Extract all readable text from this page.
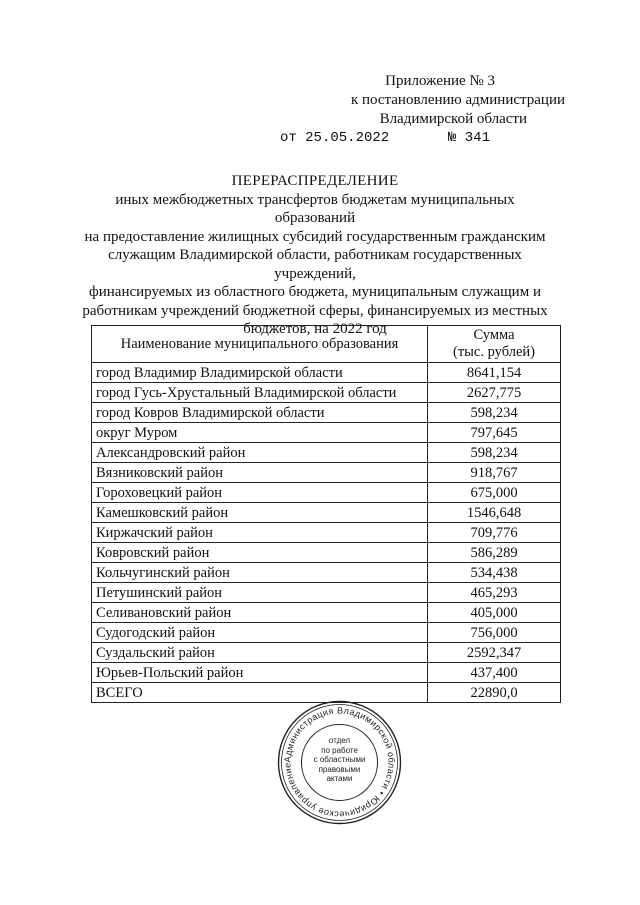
Приложение № 3
к постановлению администрации
Владимирской области
от 25.05.2022       № 341
ПЕРЕРАСПРЕДЕЛЕНИЕ
иных межбюджетных трансфертов бюджетам муниципальных образований
на предоставление жилищных субсидий государственным гражданским
служащим Владимирской области, работникам государственных учреждений,
финансируемых из областного бюджета, муниципальным служащим и
работникам учреждений бюджетной сферы, финансируемых из местных
бюджетов, на 2022 год
Наименование муниципального образования	Сумма
(тыс. рублей)
город Владимир Владимирской области	8641,154
город Гусь-Хрустальный Владимирской области	2627,775
город Ковров Владимирской области	598,234
округ Муром	797,645
Александровский район	598,234
Вязниковский район	918,767
Гороховецкий район	675,000
Камешковский район	1546,648
Киржачский район	709,776
Ковровский район	586,289
Кольчугинский район	534,438
Петушинский район	465,293
Селивановский район	405,000
Судогодский район	756,000
Суздальский район	2592,347
Юрьев-Польский район	437,400
ВСЕГО	22890,0
Администрация Владимирской области • Юридическое управление
отдел
по работе
с областными
правовыми
актами
